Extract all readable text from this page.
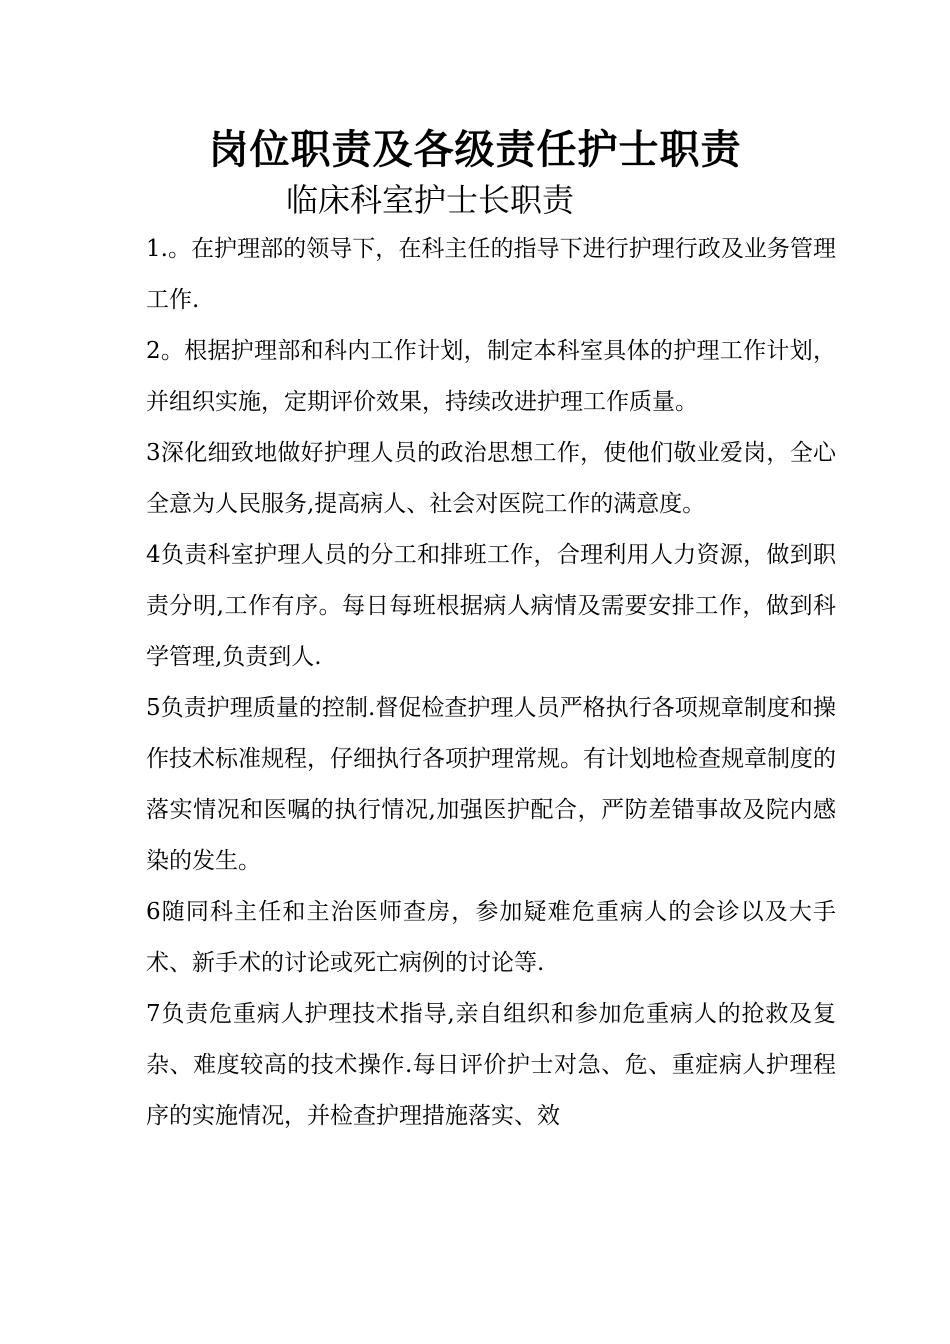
岗位职责及各级责任护士职责
临床科室护士长职责

1.。在护理部的领导下，在科主任的指导下进行护理行政及业务管理工作.

2。根据护理部和科内工作计划，制定本科室具体的护理工作计划，并组织实施，定期评价效果，持续改进护理工作质量。

3深化细致地做好护理人员的政治思想工作，使他们敬业爱岗，全心全意为人民服务,提高病人、社会对医院工作的满意度。

4负责科室护理人员的分工和排班工作，合理利用人力资源，做到职责分明,工作有序。每日每班根据病人病情及需要安排工作，做到科学管理,负责到人.

5负责护理质量的控制.督促检查护理人员严格执行各项规章制度和操作技术标准规程，仔细执行各项护理常规。有计划地检查规章制度的落实情况和医嘱的执行情况,加强医护配合，严防差错事故及院内感染的发生。

6随同科主任和主治医师查房，参加疑难危重病人的会诊以及大手术、新手术的讨论或死亡病例的讨论等.

7负责危重病人护理技术指导,亲自组织和参加危重病人的抢救及复杂、难度较高的技术操作.每日评价护士对急、危、重症病人护理程序的实施情况，并检查护理措施落实、效
